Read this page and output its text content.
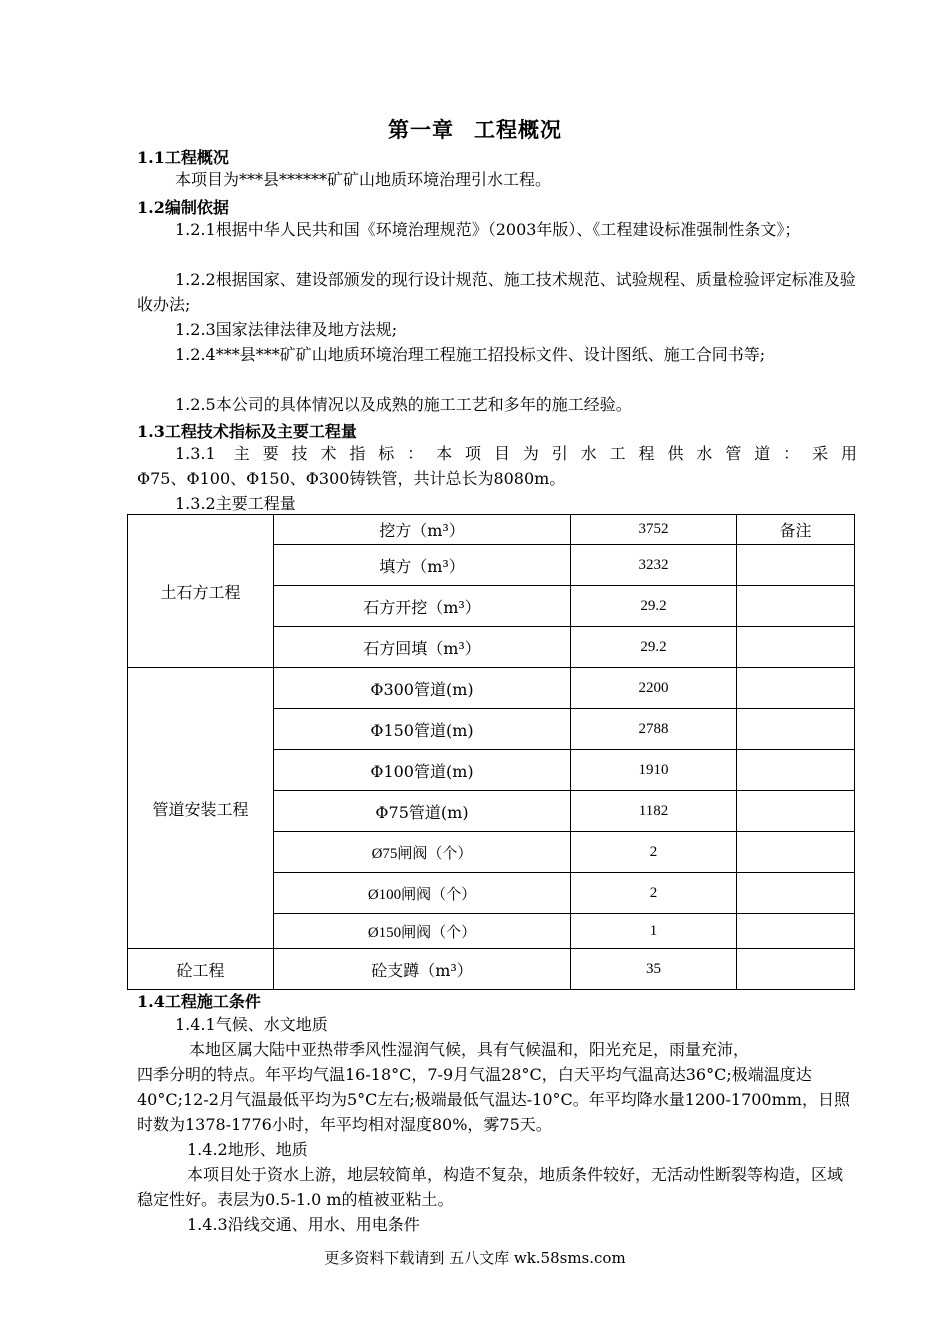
第一章 工程概况
1.1工程概况
本项目为***县******矿矿山地质环境治理引水工程。
1.2编制依据
1.2.1根据中华人民共和国《环境治理规范》（2003年版）、《工程建设标准强制性条文》；
1.2.2根据国家、建设部颁发的现行设计规范、施工技术规范、试验规程、质量检验评定标准及验收办法;
1.2.3国家法律法律及地方法规;
1.2.4***县***矿矿山地质环境治理工程施工招投标文件、设计图纸、施工合同书等;
1.2.5本公司的具体情况以及成熟的施工工艺和多年的施工经验。
1.3工程技术指标及主要工程量
1.3.1 主要技术指标：本项目为引水工程供水管道：采用
Φ75、Φ100、Φ150、Φ300铸铁管，共计总长为8080m。
1.3.2主要工程量
土石方工程	挖方（m³）	3752	备注
	填方（m³）	3232	
	石方开挖（m³）	29.2	
	石方回填（m³）	29.2	
管道安装工程	Φ300管道(m)	2200	
	Φ150管道(m)	2788	
	Φ100管道(m)	1910	
	Φ75管道(m)	1182	
	Ø75闸阀（个）	2	
	Ø100闸阀（个）	2	
	Ø150闸阀（个）	1	
砼工程	砼支蹲（m³）	35	
1.4工程施工条件
1.4.1气候、水文地质
本地区属大陆中亚热带季风性湿润气候，具有气候温和，阳光充足，雨量充沛，
四季分明的特点。年平均气温16-18°C，7-9月气温28°C，白天平均气温高达36°C;极端温度达40°C;12-2月气温最低平均为5°C左右;极端最低气温达-10°C。年平均降水量1200-1700mm，日照时数为1378-1776小时，年平均相对湿度80%，雾75天。
1.4.2地形、地质
本项目处于资水上游，地层较简单，构造不复杂，地质条件较好，无活动性断裂等构造，区域稳定性好。表层为0.5-1.0 m的植被亚粘土。
1.4.3沿线交通、用水、用电条件
更多资料下载请到 五八文库 wk.58sms.com
